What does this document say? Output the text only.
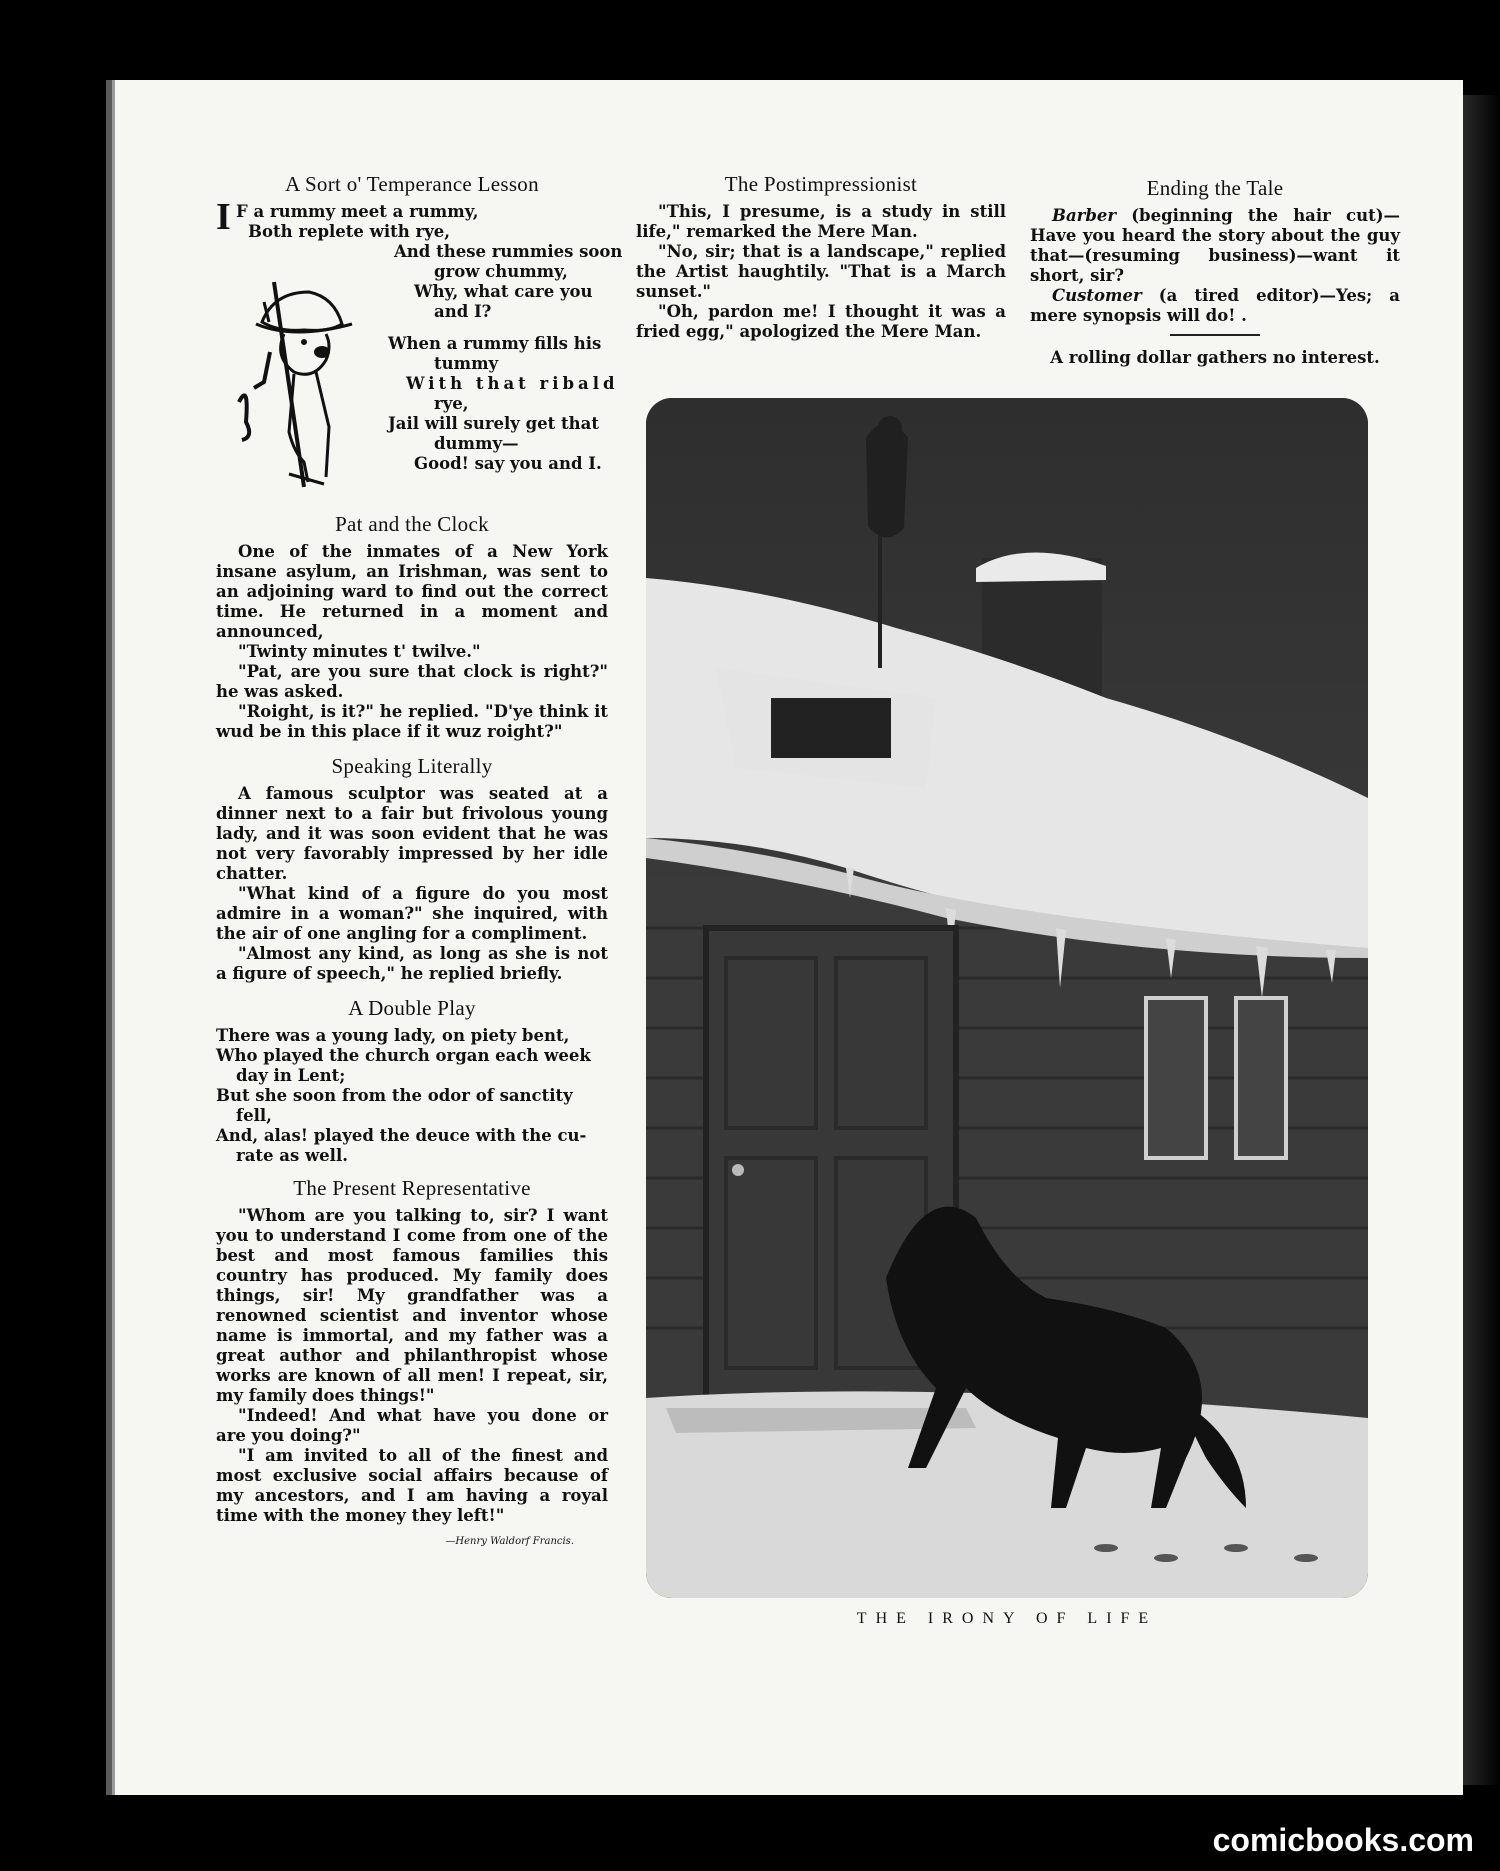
A Sort o' Temperance Lesson
I F a rummy meet a rummy,
Both replete with rye,
And these rummies soon
grow chummy,
Why, what care you
and I?
When a rummy fills his
tummy
With that ribald
rye,
Jail will surely get that
dummy—
Good! say you and I.
Pat and the Clock

One of the inmates of a New York insane asylum, an Irishman, was sent to an adjoining ward to find out the correct time. He returned in a moment and announced,

"Twinty minutes t' twilve."

"Pat, are you sure that clock is right?" he was asked.

"Roight, is it?" he replied. "D'ye think it wud be in this place if it wuz roight?"

Speaking Literally

A famous sculptor was seated at a dinner next to a fair but frivolous young lady, and it was soon evident that he was not very favorably impressed by her idle chatter.

"What kind of a figure do you most admire in a woman?" she inquired, with the air of one angling for a compliment.

"Almost any kind, as long as she is not a figure of speech," he replied briefly.

A Double Play
There was a young lady, on piety bent,
Who played the church organ each week
day in Lent;
But she soon from the odor of sanctity
fell,
And, alas! played the deuce with the cu-
rate as well.
The Present Representative

"Whom are you talking to, sir? I want you to understand I come from one of the best and most famous families this country has produced. My family does things, sir! My grandfather was a renowned scientist and inventor whose name is immortal, and my father was a great author and philanthropist whose works are known of all men! I repeat, sir, my family does things!"

"Indeed! And what have you done or are you doing?"

"I am invited to all of the finest and most exclusive social affairs because of my ancestors, and I am having a royal time with the money they left!"

—Henry Waldorf Francis.
The Postimpressionist

"This, I presume, is a study in still life," remarked the Mere Man.

"No, sir; that is a landscape," replied the Artist haughtily. "That is a March sunset."

"Oh, pardon me! I thought it was a fried egg," apologized the Mere Man.

Ending the Tale

Barber (beginning the hair cut)—Have you heard the story about the guy that—(resuming business)—want it short, sir?

Customer (a tired editor)—Yes; a mere synopsis will do! .

A rolling dollar gathers no interest.

THE IRONY OF LIFE
comicbooks.com
